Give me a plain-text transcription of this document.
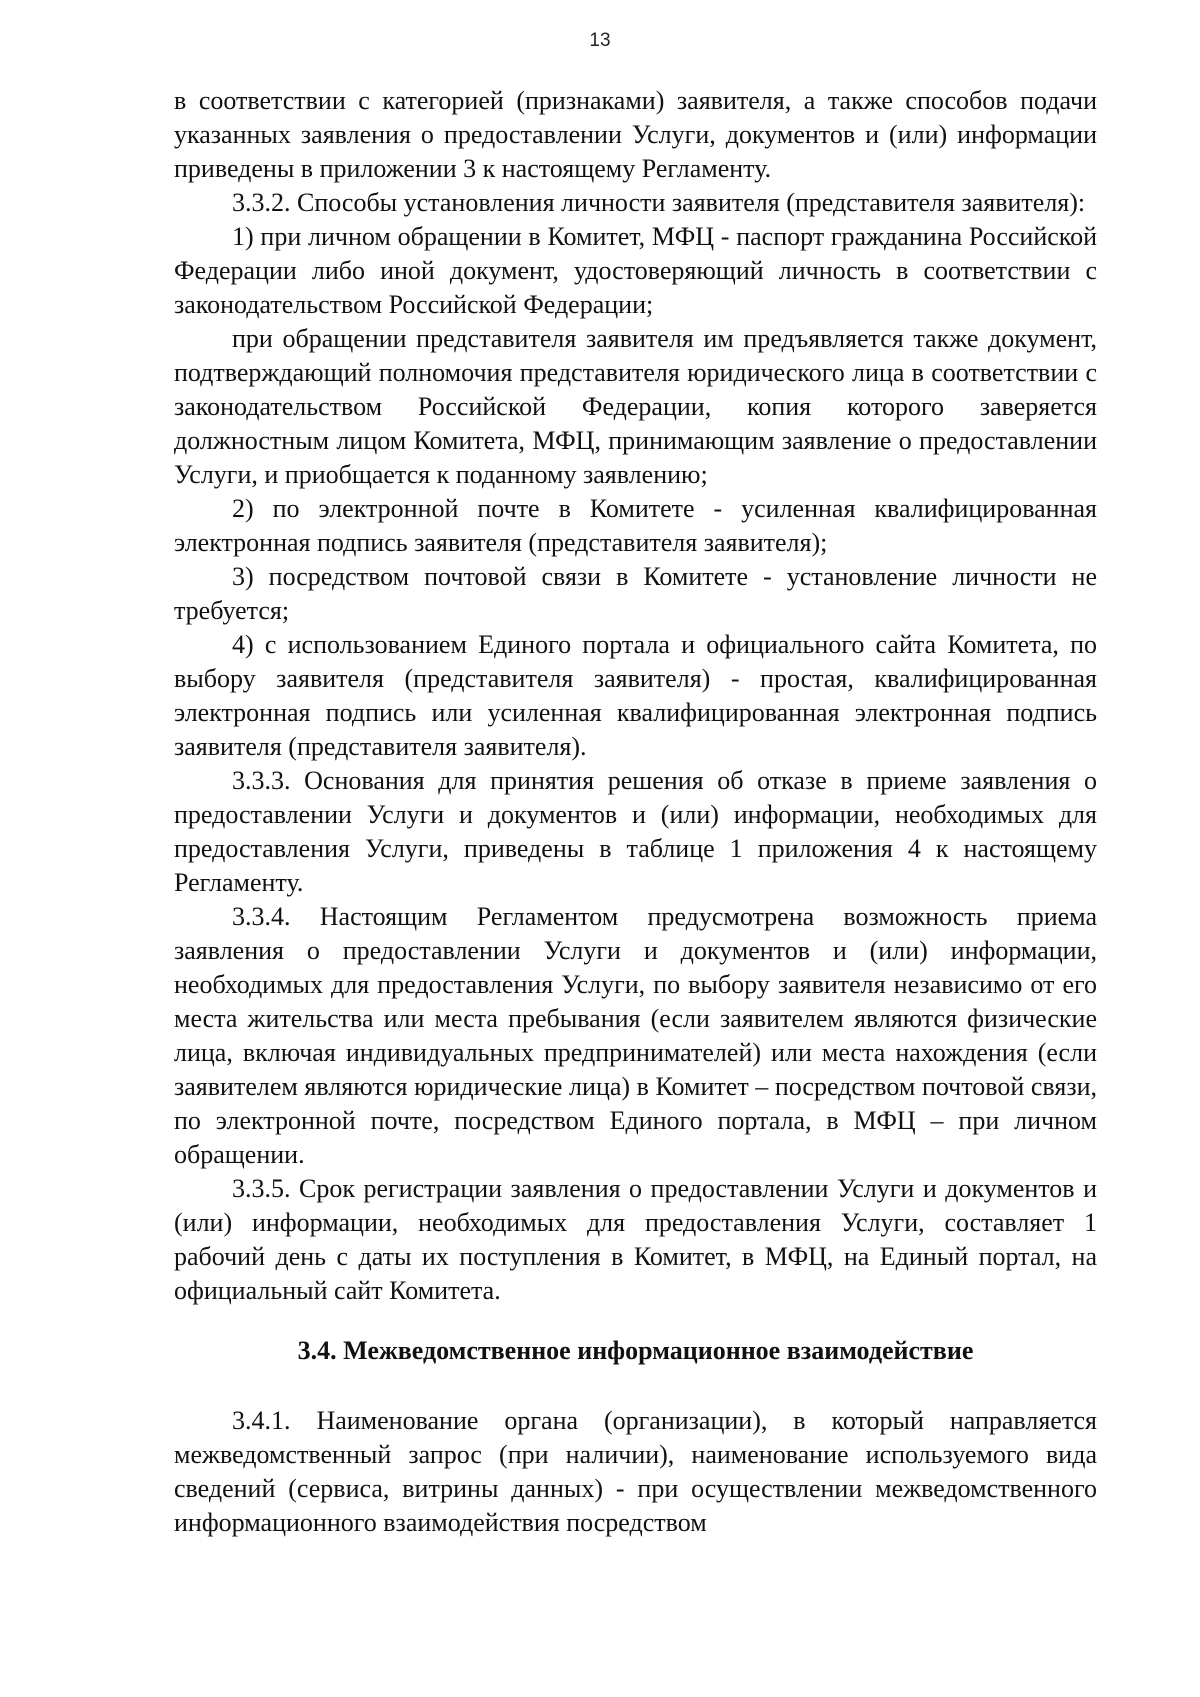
13

в соответствии с категорией (признаками) заявителя, а также способов подачи указанных заявления о предоставлении Услуги, документов и (или) информации приведены в приложении 3 к настоящему Регламенту.

3.3.2. Способы установления личности заявителя (представителя заявителя):

1) при личном обращении в Комитет, МФЦ - паспорт гражданина Российской Федерации либо иной документ, удостоверяющий личность в соответствии с законодательством Российской Федерации;

при обращении представителя заявителя им предъявляется также документ, подтверждающий полномочия представителя юридического лица в соответствии с законодательством Российской Федерации, копия которого заверяется должностным лицом Комитета, МФЦ, принимающим заявление о предоставлении Услуги, и приобщается к поданному заявлению;

2) по электронной почте в Комитете - усиленная квалифицированная электронная подпись заявителя (представителя заявителя);

3) посредством почтовой связи в Комитете - установление личности не требуется;

4) с использованием Единого портала и официального сайта Комитета, по выбору заявителя (представителя заявителя) - простая, квалифицированная электронная подпись или усиленная квалифицированная электронная подпись заявителя (представителя заявителя).

3.3.3. Основания для принятия решения об отказе в приеме заявления о предоставлении Услуги и документов и (или) информации, необходимых для предоставления Услуги, приведены в таблице 1 приложения 4 к настоящему Регламенту.

3.3.4. Настоящим Регламентом предусмотрена возможность приема заявления о предоставлении Услуги и документов и (или) информации, необходимых для предоставления Услуги, по выбору заявителя независимо от его места жительства или места пребывания (если заявителем являются физические лица, включая индивидуальных предпринимателей) или места нахождения (если заявителем являются юридические лица) в Комитет – посредством почтовой связи, по электронной почте, посредством Единого портала, в МФЦ – при личном обращении.

3.3.5. Срок регистрации заявления о предоставлении Услуги и документов и (или) информации, необходимых для предоставления Услуги, составляет 1 рабочий день с даты их поступления в Комитет, в МФЦ, на Единый портал, на официальный сайт Комитета.

3.4. Межведомственное информационное взаимодействие

3.4.1. Наименование органа (организации), в который направляется межведомственный запрос (при наличии), наименование используемого вида сведений (сервиса, витрины данных) - при осуществлении межведомственного информационного взаимодействия посредством
